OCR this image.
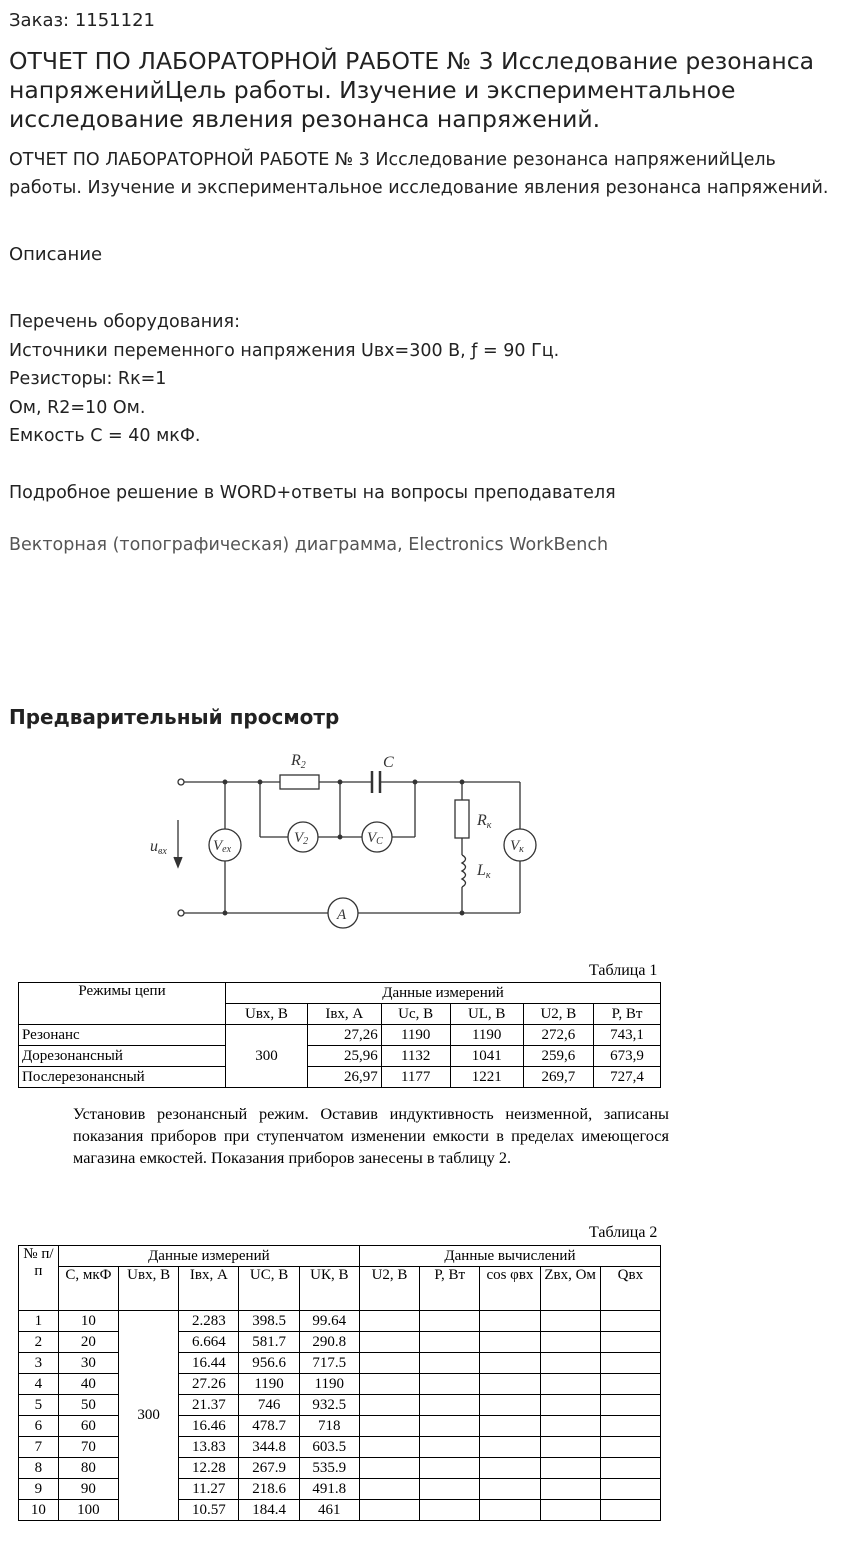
Заказ: 1151121
ОТЧЕТ ПО ЛАБОРАТОРНОЙ РАБОТЕ № 3 Исследование резонанса напряженийЦель работы. Изучение и экспериментальное исследование явления резонанса напряжений.
ОТЧЕТ ПО ЛАБОРАТОРНОЙ РАБОТЕ № 3 Исследование резонанса напряженийЦель работы. Изучение и экспериментальное исследование явления резонанса напряжений.
Описание
Перечень оборудования:
Источники переменного напряжения Uвх=300 В, ƒ = 90 Гц.
Резисторы: Rк=1
Ом, R2=10 Ом.
Емкость С = 40 мкФ.
Подробное решение в WORD+ответы на вопросы преподавателя
Векторная (топографическая) диаграмма, Electronics WorkBench
Предварительный просмотр
R2	C
Rк
Lк
uвх	Vex
V2	VC	Vк
A
Таблица 1
Режимы цепи	Данные измерений					
	Uвх, В	Iвх, А	Uс, В	UL, В	U2, В	P, Вт
Резонанс	300	27,26	1190	1190	272,6	743,1
Дорезонансный		25,96	1132	1041	259,6	673,9
Послерезонансный		26,97	1177	1221	269,7	727,4
Установив резонансный режим. Оставив индуктивность неизменной, записаны показания приборов при ступенчатом изменении емкости в пределах имеющегося магазина емкостей. Показания приборов занесены в таблицу 2.
Таблица 2
№ п/п	Данные измерений					Данные вычислений				
	С, мкФ	Uвх, В	Iвх, A	UC, В	UК, В	U2, В	P, Вт	cos φвх	Zвх, Ом	Qвх
1	10	300	2.283	398.5	99.64					
2	20		6.664	581.7	290.8					
3	30		16.44	956.6	717.5					
4	40		27.26	1190	1190					
5	50		21.37	746	932.5					
6	60		16.46	478.7	718					
7	70		13.83	344.8	603.5					
8	80		12.28	267.9	535.9					
9	90		11.27	218.6	491.8					
10	100		10.57	184.4	461					
